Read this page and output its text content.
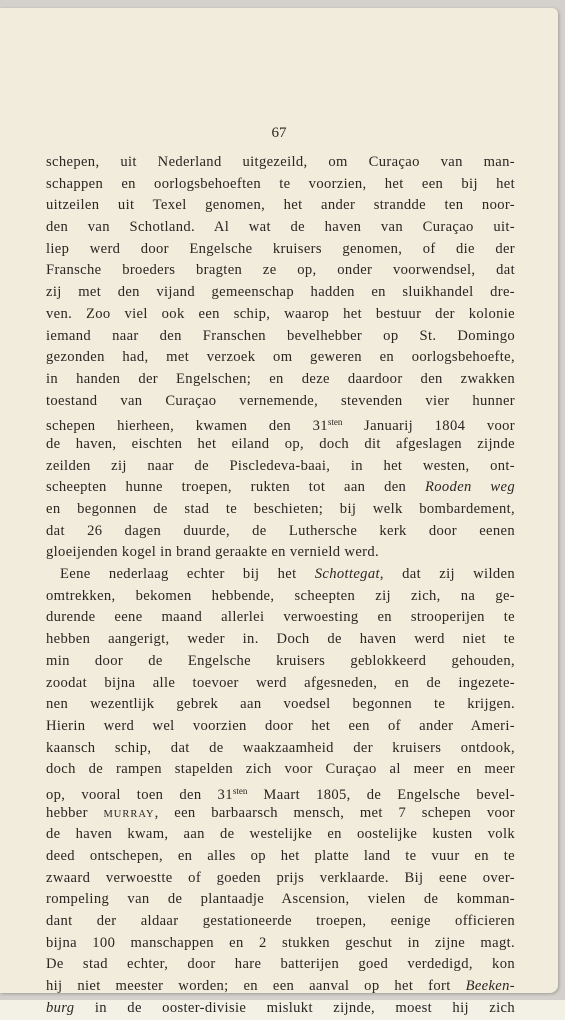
67
schepen, uit Nederland uitgezeild, om Curaçao van man-
schappen en oorlogsbehoeften te voorzien, het een bij het
uitzeilen uit Texel genomen, het ander strandde ten noor-
den van Schotland. Al wat de haven van Curaçao uit-
liep werd door Engelsche kruisers genomen, of die der
Fransche broeders bragten ze op, onder voorwendsel, dat
zij met den vijand gemeenschap hadden en sluikhandel dre-
ven. Zoo viel ook een schip, waarop het bestuur der kolonie
iemand naar den Franschen bevelhebber op St. Domingo
gezonden had, met verzoek om geweren en oorlogsbehoefte,
in handen der Engelschen; en deze daardoor den zwakken
toestand van Curaçao vernemende, stevenden vier hunner
schepen hierheen, kwamen den $31^{sten}$ Januarij 1804 voor
de haven, eischten het eiland op, doch dit afgeslagen zijnde
zeilden zij naar de Piscledeva-baai, in het westen, ont-
scheepten hunne troepen, rukten tot aan den Rooden weg
en begonnen de stad te beschieten; bij welk bombardement,
dat 26 dagen duurde, de Luthersche kerk door eenen
gloeijenden kogel in brand geraakte en vernield werd.
Eene nederlaag echter bij het Schottegat, dat zij wilden
omtrekken, bekomen hebbende, scheepten zij zich, na ge-
durende eene maand allerlei verwoesting en strooperijen te
hebben aangerigt, weder in. Doch de haven werd niet te
min door de Engelsche kruisers geblokkeerd gehouden,
zoodat bijna alle toevoer werd afgesneden, en de ingezete-
nen wezentlijk gebrek aan voedsel begonnen te krijgen.
Hierin werd wel voorzien door het een of ander Ameri-
kaansch schip, dat de waakzaamheid der kruisers ontdook,
doch de rampen stapelden zich voor Curaçao al meer en meer
op, vooral toen den $31^{sten}$ Maart 1805, de Engelsche bevel-
hebber MURRAY, een barbaarsch mensch, met 7 schepen voor
de haven kwam, aan de westelijke en oostelijke kusten volk
deed ontschepen, en alles op het platte land te vuur en te
zwaard verwoestte of goeden prijs verklaarde. Bij eene over-
rompeling van de plantaadje Ascension, vielen de komman-
dant der aldaar gestationeerde troepen, eenige officieren
bijna 100 manschappen en 2 stukken geschut in zijne magt.
De stad echter, door hare batterijen goed verdedigd, kon
hij niet meester worden; en een aanval op het fort Beeken-
burg in de ooster-divisie mislukt zijnde, moest hij zich
